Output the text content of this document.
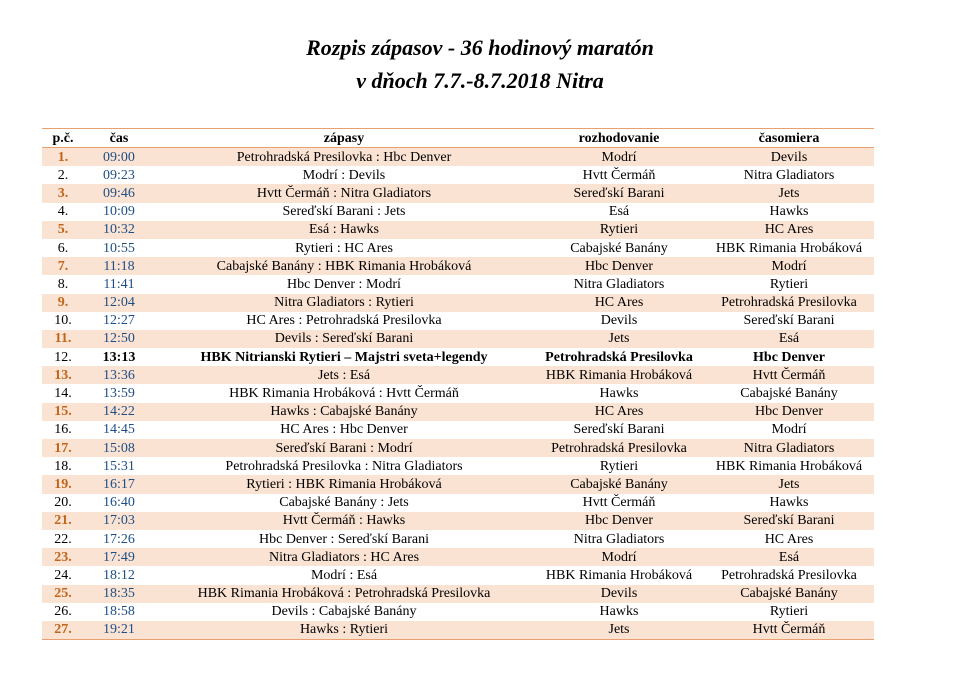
Rozpis zápasov - 36 hodinový maratón
v dňoch 7.7.-8.7.2018 Nitra
p.č.	čas	zápasy	rozhodovanie	časomiera
1.	09:00	Petrohradská Presilovka : Hbc Denver	Modrí	Devils
2.	09:23	Modrí : Devils	Hvtt Čermáň	Nitra Gladiators
3.	09:46	Hvtt Čermáň : Nitra Gladiators	Sereďskí Barani	Jets
4.	10:09	Sereďskí Barani : Jets	Esá	Hawks
5.	10:32	Esá : Hawks	Rytieri	HC Ares
6.	10:55	Rytieri : HC Ares	Cabajské Banány	HBK Rimania Hrobáková
7.	11:18	Cabajské Banány : HBK Rimania Hrobáková	Hbc Denver	Modrí
8.	11:41	Hbc Denver : Modrí	Nitra Gladiators	Rytieri
9.	12:04	Nitra Gladiators : Rytieri	HC Ares	Petrohradská Presilovka
10.	12:27	HC Ares : Petrohradská Presilovka	Devils	Sereďskí Barani
11.	12:50	Devils : Sereďskí Barani	Jets	Esá
12.	13:13	HBK Nitrianski Rytieri – Majstri sveta+legendy	Petrohradská Presilovka	Hbc Denver
13.	13:36	Jets : Esá	HBK Rimania Hrobáková	Hvtt Čermáň
14.	13:59	HBK Rimania Hrobáková : Hvtt Čermáň	Hawks	Cabajské Banány
15.	14:22	Hawks : Cabajské Banány	HC Ares	Hbc Denver
16.	14:45	HC Ares : Hbc Denver	Sereďskí Barani	Modrí
17.	15:08	Sereďskí Barani : Modrí	Petrohradská Presilovka	Nitra Gladiators
18.	15:31	Petrohradská Presilovka : Nitra Gladiators	Rytieri	HBK Rimania Hrobáková
19.	16:17	Rytieri : HBK Rimania Hrobáková	Cabajské Banány	Jets
20.	16:40	Cabajské Banány : Jets	Hvtt Čermáň	Hawks
21.	17:03	Hvtt Čermáň : Hawks	Hbc Denver	Sereďskí Barani
22.	17:26	Hbc Denver : Sereďskí Barani	Nitra Gladiators	HC Ares
23.	17:49	Nitra Gladiators : HC Ares	Modrí	Esá
24.	18:12	Modrí : Esá	HBK Rimania Hrobáková	Petrohradská Presilovka
25.	18:35	HBK Rimania Hrobáková : Petrohradská Presilovka	Devils	Cabajské Banány
26.	18:58	Devils : Cabajské Banány	Hawks	Rytieri
27.	19:21	Hawks : Rytieri	Jets	Hvtt Čermáň
